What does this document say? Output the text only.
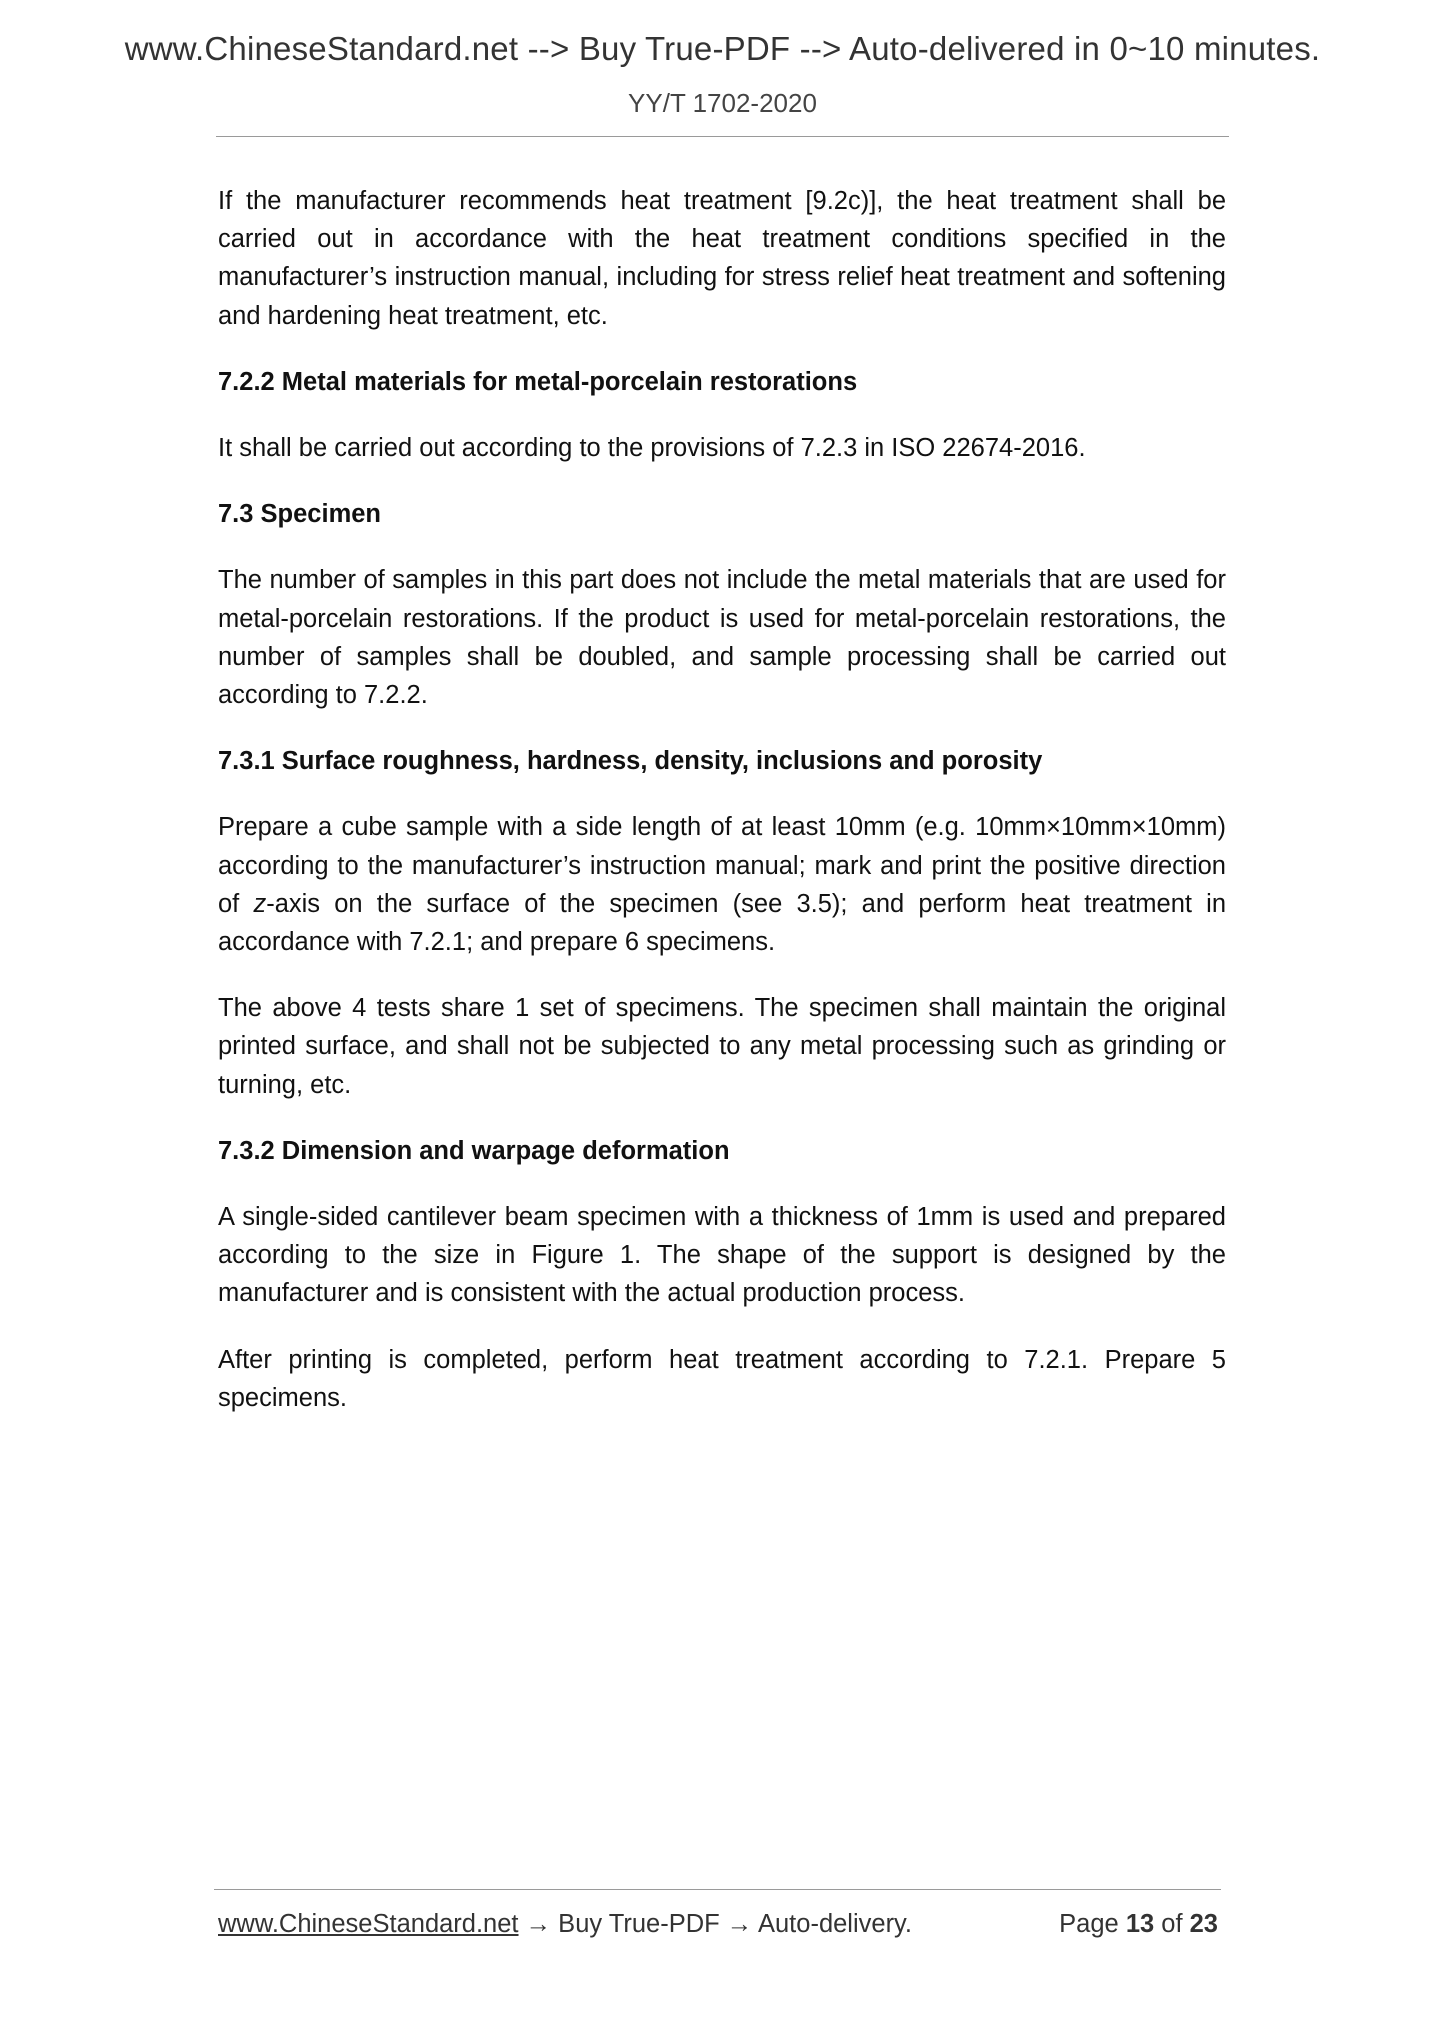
www.ChineseStandard.net --> Buy True-PDF --> Auto-delivered in 0~10 minutes.
YY/T 1702-2020

If the manufacturer recommends heat treatment [9.2c)], the heat treatment shall be carried out in accordance with the heat treatment conditions specified in the manufacturer’s instruction manual, including for stress relief heat treatment and softening and hardening heat treatment, etc.

7.2.2 Metal materials for metal-porcelain restorations

It shall be carried out according to the provisions of 7.2.3 in ISO 22674-2016.

7.3 Specimen

The number of samples in this part does not include the metal materials that are used for metal-porcelain restorations. If the product is used for metal-porcelain restorations, the number of samples shall be doubled, and sample processing shall be carried out according to 7.2.2.

7.3.1 Surface roughness, hardness, density, inclusions and porosity

Prepare a cube sample with a side length of at least 10mm (e.g. 10mm×10mm×10mm) according to the manufacturer’s instruction manual; mark and print the positive direction of z-axis on the surface of the specimen (see 3.5); and perform heat treatment in accordance with 7.2.1; and prepare 6 specimens.

The above 4 tests share 1 set of specimens. The specimen shall maintain the original printed surface, and shall not be subjected to any metal processing such as grinding or turning, etc.

7.3.2 Dimension and warpage deformation

A single-sided cantilever beam specimen with a thickness of 1mm is used and prepared according to the size in Figure 1. The shape of the support is designed by the manufacturer and is consistent with the actual production process.

After printing is completed, perform heat treatment according to 7.2.1. Prepare 5 specimens.

www.ChineseStandard.net → Buy True-PDF → Auto-delivery.	Page 13 of 23
